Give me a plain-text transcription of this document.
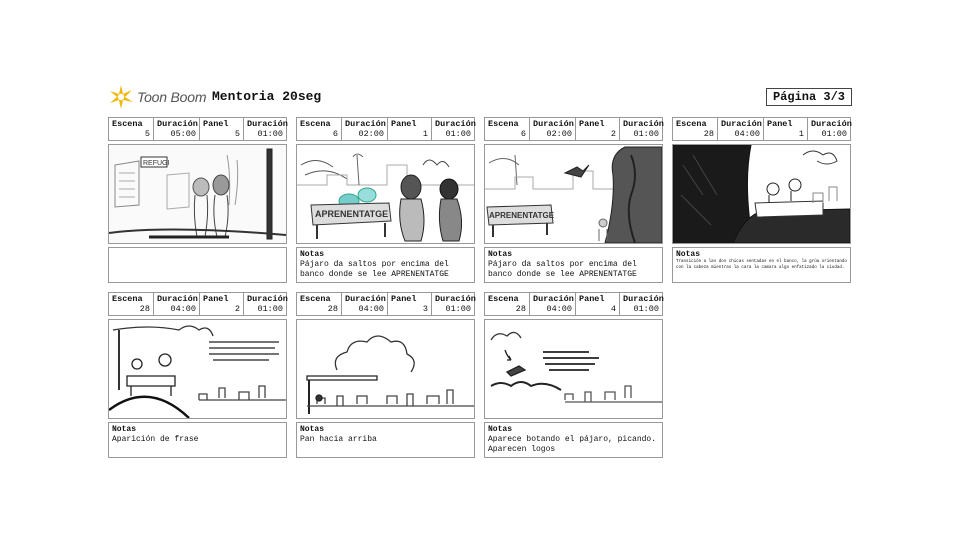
Toon Boom Mentoria 20seg	Página 3/3
Escena
5
Duración
05:00
Panel
5
Duración
01:00
REFUGI
Escena
6
Duración
02:00
Panel
1
Duración
01:00
APRENENTATGE
Notas
Pájaro da saltos por encima del banco donde se lee APRENENTATGE
Escena
6
Duración
02:00
Panel
2
Duración
01:00
APRENENTATGE
Notas
Pájaro da saltos por encima del banco donde se lee APRENENTATGE
Escena
28
Duración
04:00
Panel
1
Duración
01:00
Notas
Transición a las dos chicas sentadas en el banco, la grúa orientando con la cabeza mientras la cara la camara algo enfatizado la ciudad.
Escena
28
Duración
04:00
Panel
2
Duración
01:00
Notas
Aparición de frase
Escena
28
Duración
04:00
Panel
3
Duración
01:00
Notas
Pan hacia arriba
Escena
28
Duración
04:00
Panel
4
Duración
01:00
Notas
Aparece botando el pájaro, picando. Aparecen logos
